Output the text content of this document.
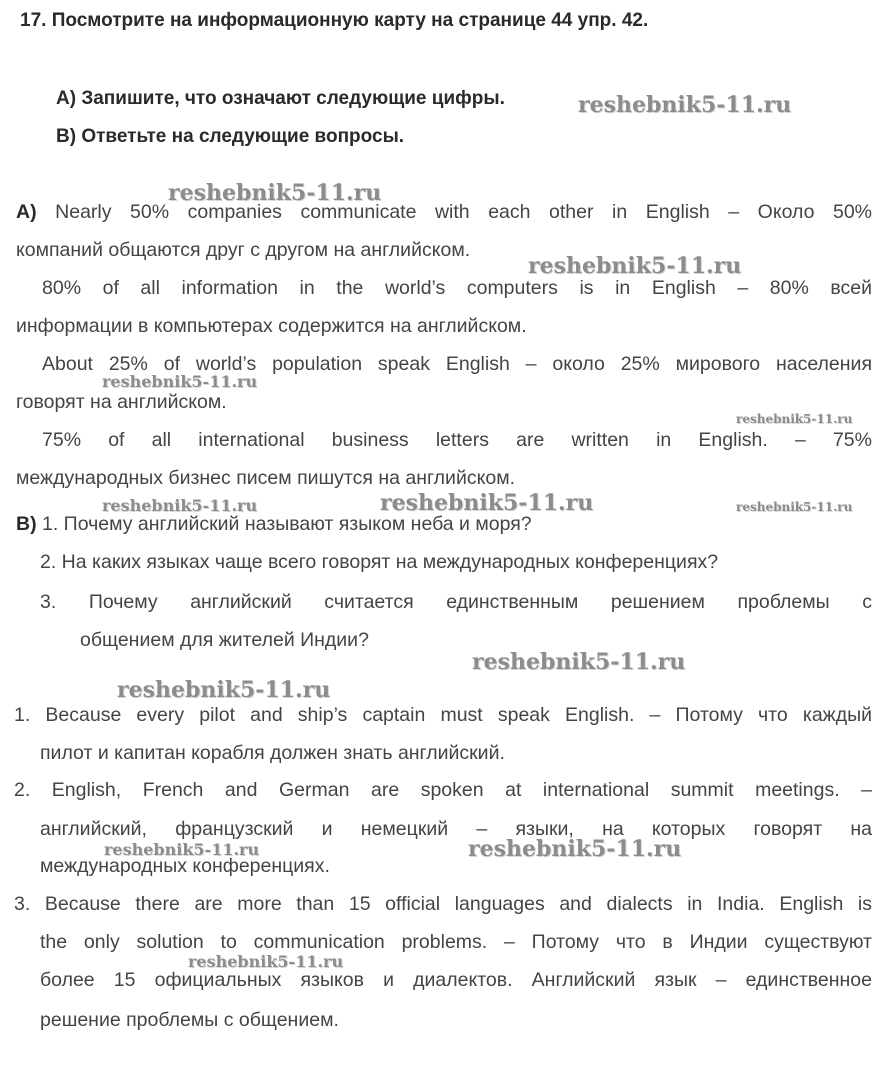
17. Посмотрите на информационную карту на странице 44 упр. 42.
А) Запишите, что означают следующие цифры.
В) Ответьте на следующие вопросы.
А) Nearly 50% companies communicate with each other in English – Около 50%
компаний общаются друг с другом на английском.
80% of all information in the world’s computers is in English – 80% всей
информации в компьютерах содержится на английском.
About 25% of world’s population speak English – около 25% мирового населения
говорят на английском.
75% of all international business letters are written in English. – 75%
международных бизнес писем пишутся на английском.
В) 1. Почему английский называют языком неба и моря?
2. На каких языках чаще всего говорят на международных конференциях?
3. Почему английский считается единственным решением проблемы с
общением для жителей Индии?
1. Because every pilot and ship’s captain must speak English. – Потому что каждый
пилот и капитан корабля должен знать английский.
2. English, French and German are spoken at international summit meetings. –
английский, французский и немецкий – языки, на которых говорят на
международных конференциях.
3. Because there are more than 15 official languages and dialects in India. English is
the only solution to communication problems. – Потому что в Индии существуют
более 15 официальных языков и диалектов. Английский язык – единственное
решение проблемы с общением.
reshebnik5-11.ru
reshebnik5-11.ru
reshebnik5-11.ru
reshebnik5-11.ru
reshebnik5-11.ru
reshebnik5-11.ru	reshebnik5-11.ru	reshebnik5-11.ru
reshebnik5-11.ru
reshebnik5-11.ru
reshebnik5-11.ru	reshebnik5-11.ru
reshebnik5-11.ru
